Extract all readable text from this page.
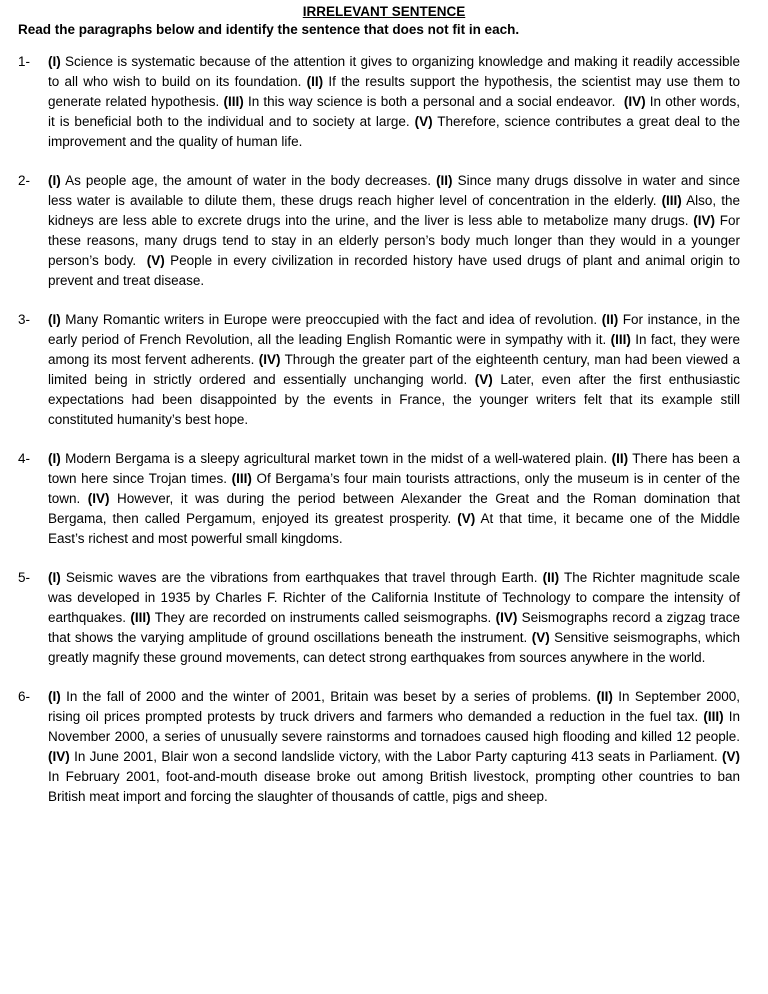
IRRELEVANT SENTENCE
Read the paragraphs below and identify the sentence that does not fit in each.
1-	(I) Science is systematic because of the attention it gives to organizing knowledge and making it readily accessible to all who wish to build on its foundation. (II) If the results support the hypothesis, the scientist may use them to generate related hypothesis. (III) In this way science is both a personal and a social endeavor.  (IV) In other words, it is beneficial both to the individual and to society at large. (V) Therefore, science contributes a great deal to the improvement and the quality of human life.
2-	(I) As people age, the amount of water in the body decreases. (II) Since many drugs dissolve in water and since less water is available to dilute them, these drugs reach higher level of concentration in the elderly. (III) Also, the kidneys are less able to excrete drugs into the urine, and the liver is less able to metabolize many drugs. (IV) For these reasons, many drugs tend to stay in an elderly person’s body much longer than they would in a younger person’s body.  (V) People in every civilization in recorded history have used drugs of plant and animal origin to prevent and treat disease.
3-	(I) Many Romantic writers in Europe were preoccupied with the fact and idea of revolution. (II) For instance, in the early period of French Revolution, all the leading English Romantic were in sympathy with it. (III) In fact, they were among its most fervent adherents. (IV) Through the greater part of the eighteenth century, man had been viewed a limited being in strictly ordered and essentially unchanging world. (V) Later, even after the first enthusiastic expectations had been disappointed by the events in France, the younger writers felt that its example still constituted humanity’s best hope.
4-	(I) Modern Bergama is a sleepy agricultural market town in the midst of a well-watered plain. (II) There has been a town here since Trojan times. (III) Of Bergama’s four main tourists attractions, only the museum is in center of the town. (IV) However, it was during the period between Alexander the Great and the Roman domination that Bergama, then called Pergamum, enjoyed its greatest prosperity. (V) At that time, it became one of the Middle East’s richest and most powerful small kingdoms.
5-	(I) Seismic waves are the vibrations from earthquakes that travel through Earth. (II) The Richter magnitude scale was developed in 1935 by Charles F. Richter of the California Institute of Technology to compare the intensity of earthquakes. (III) They are recorded on instruments called seismographs. (IV) Seismographs record a zigzag trace that shows the varying amplitude of ground oscillations beneath the instrument. (V) Sensitive seismographs, which greatly magnify these ground movements, can detect strong earthquakes from sources anywhere in the world.
6-	(I) In the fall of 2000 and the winter of 2001, Britain was beset by a series of problems. (II) In September 2000, rising oil prices prompted protests by truck drivers and farmers who demanded a reduction in the fuel tax. (III) In November 2000, a series of unusually severe rainstorms and tornadoes caused high flooding and killed 12 people. (IV) In June 2001, Blair won a second landslide victory, with the Labor Party capturing 413 seats in Parliament. (V) In February 2001, foot-and-mouth disease broke out among British livestock, prompting other countries to ban British meat import and forcing the slaughter of thousands of cattle, pigs and sheep.
